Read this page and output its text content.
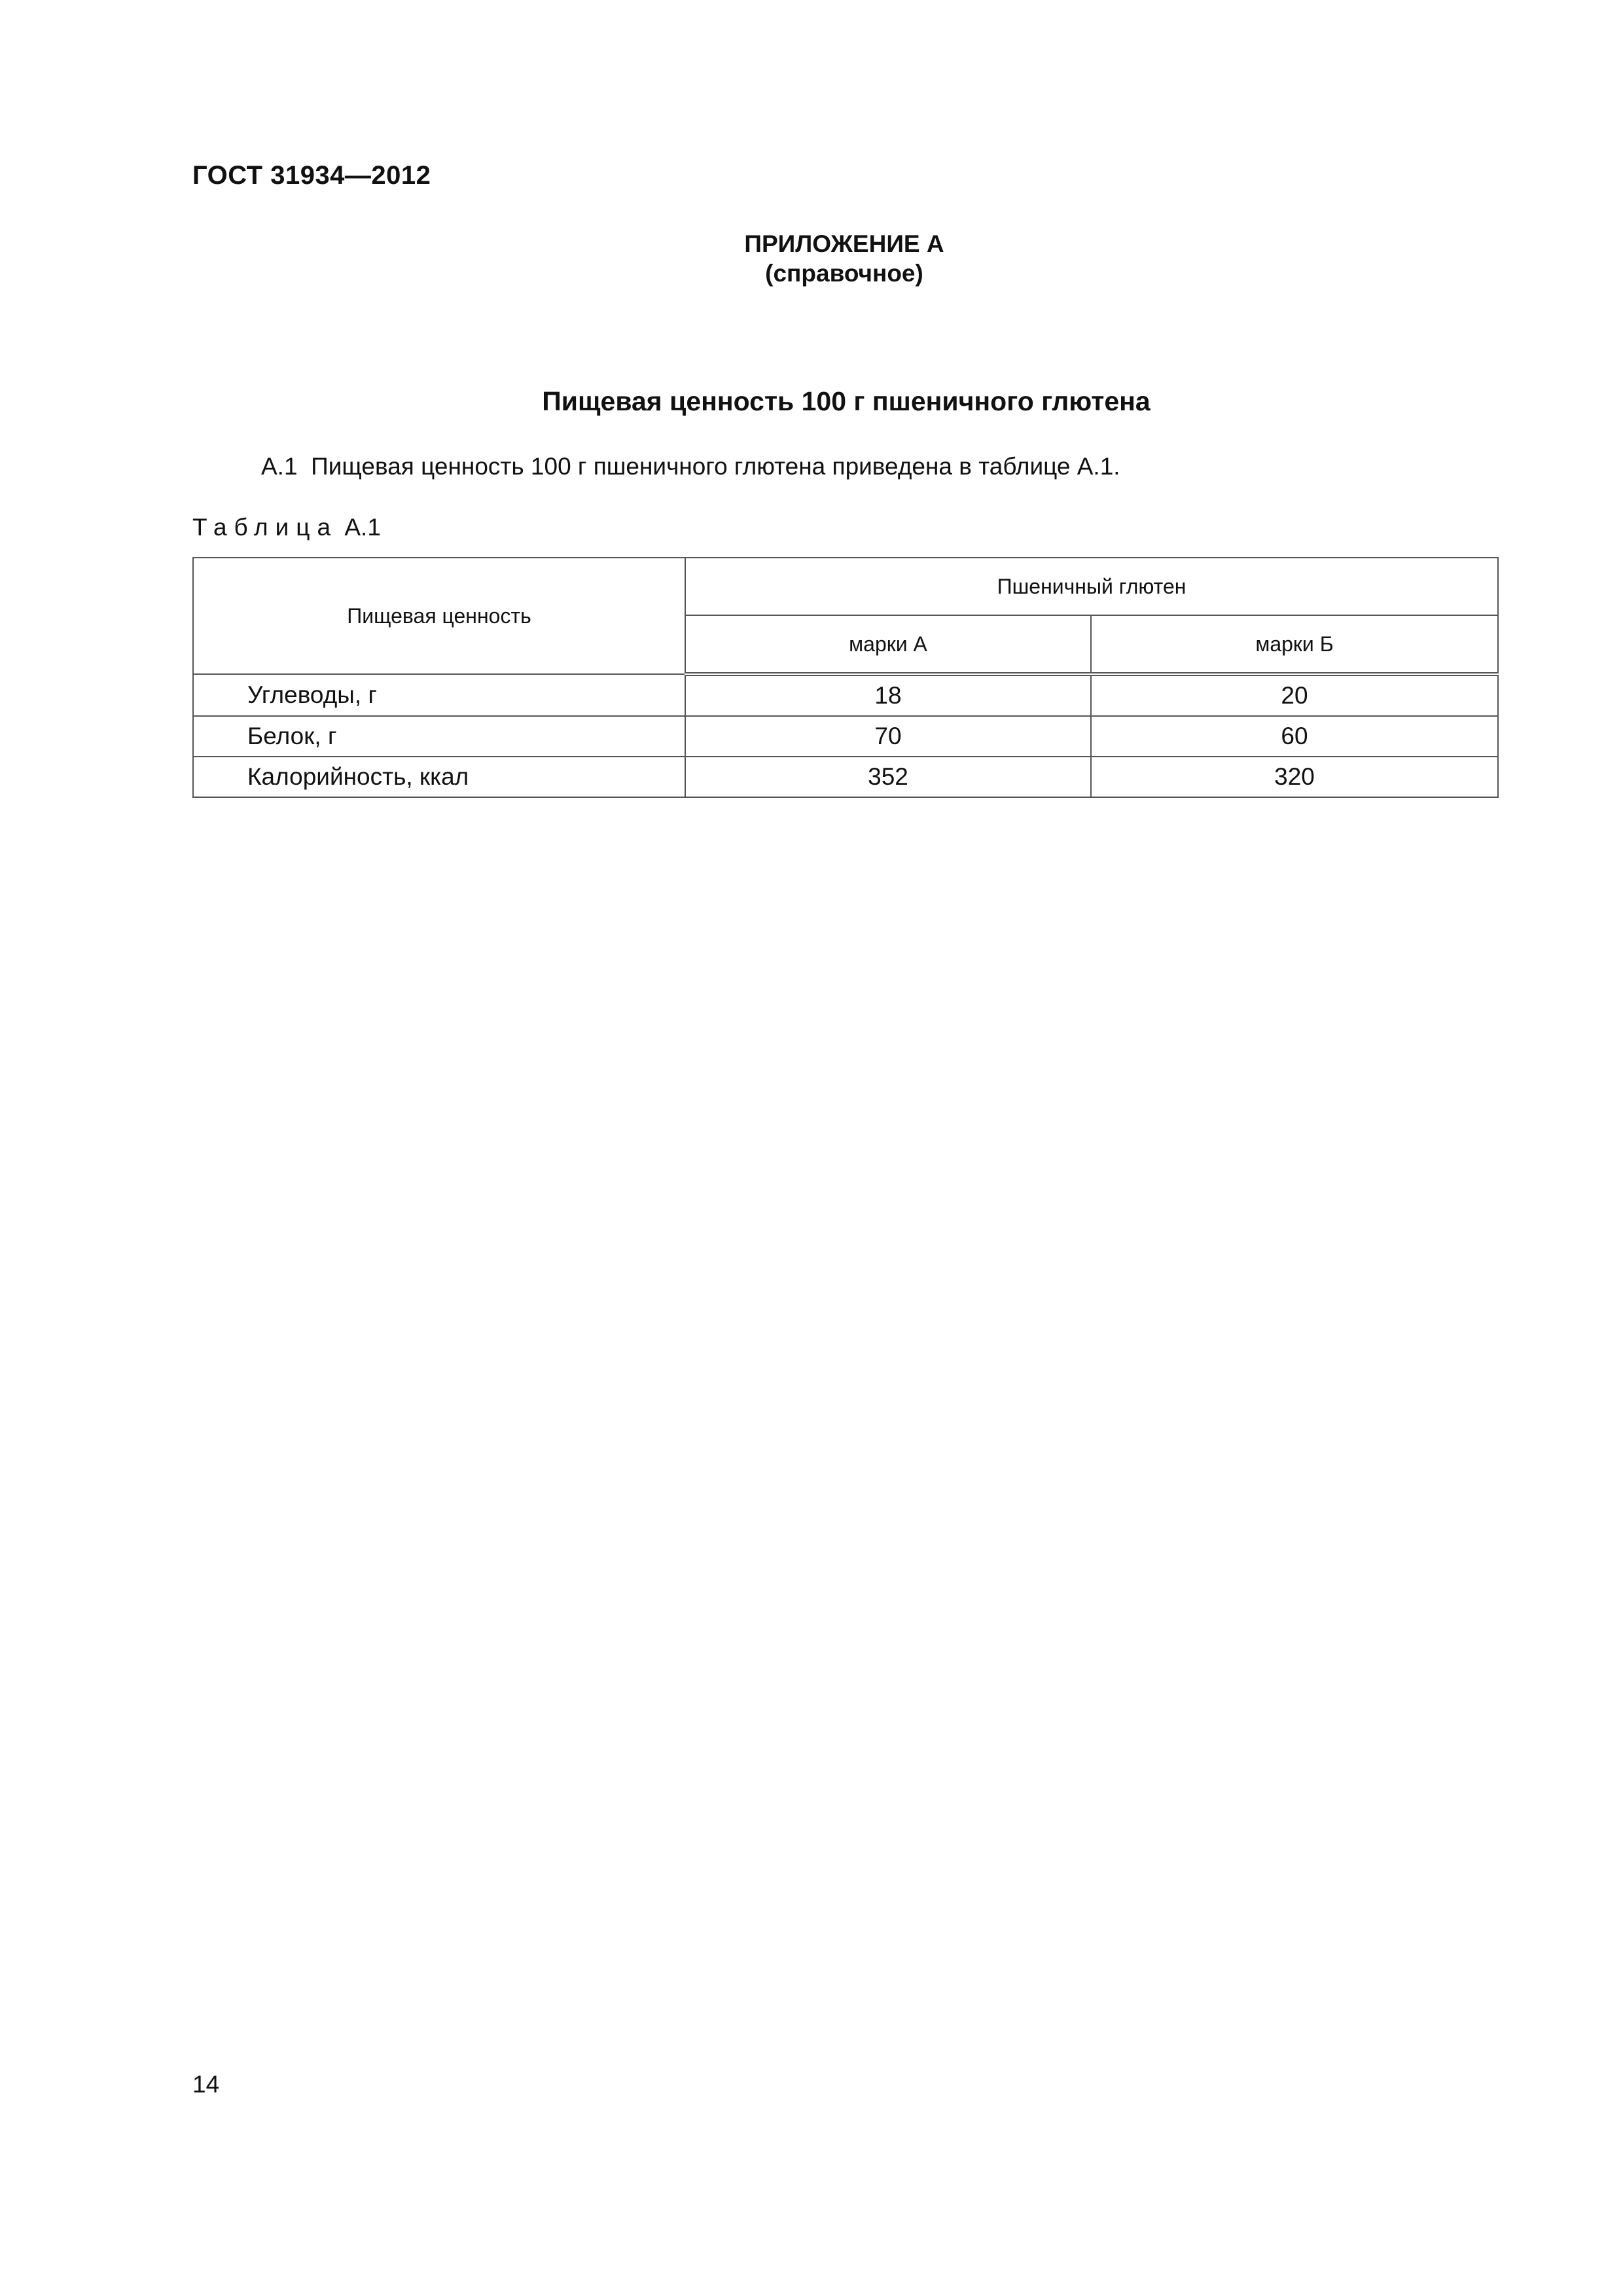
ГОСТ 31934—2012
ПРИЛОЖЕНИЕ А
(справочное)
Пищевая ценность 100 г пшеничного глютена
А.1 Пищевая ценность 100 г пшеничного глютена приведена в таблице А.1.
Таблица А.1
Пищевая ценность	Пшеничный глютен	
	марки А	марки Б
Углеводы, г	18	20
Белок, г	70	60
Калорийность, ккал	352	320
14
